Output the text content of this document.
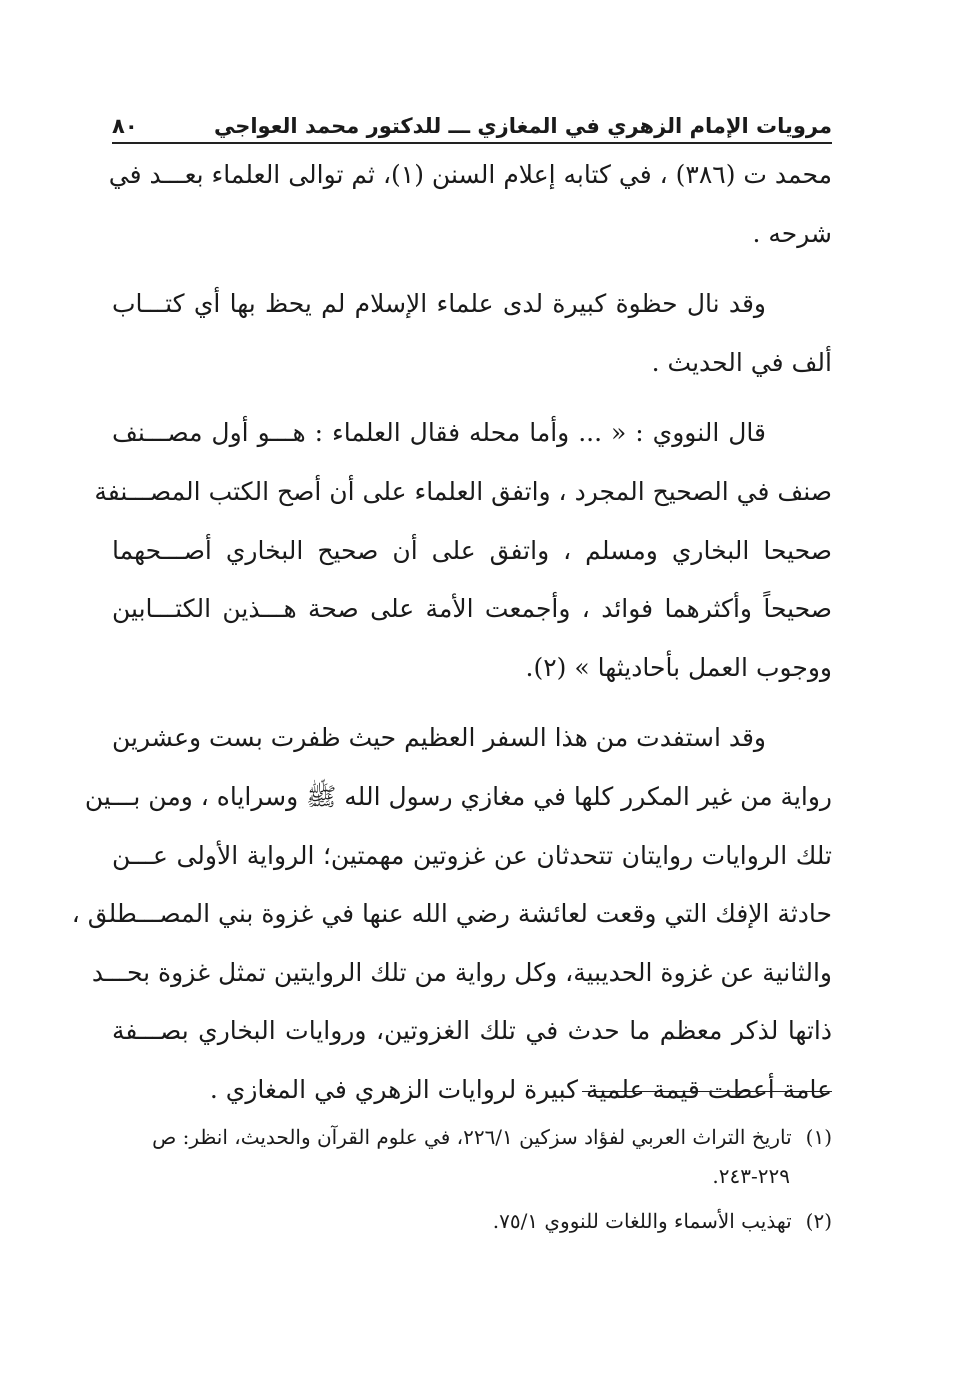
مرويات الإمام الزهري في المغازي ـــ للدكتور محمد العواجي
٨٠
محمد ت (٣٨٦) ، في كتابه إعلام السنن (١)، ثم توالى العلماء بعـــد في
شرحه .
وقد نال حظوة كبيرة لدى علماء الإسلام لم يحظ بها أي كتـــاب
ألف في الحديث .
قال النووي : « ... وأما محله فقال العلماء : هـــو أول مصـــنف
صنف في الصحيح المجرد ، واتفق العلماء على أن أصح الكتب المصـــنفة
صحيحا البخاري ومسلم ، واتفق على أن صحيح البخاري أصـــحهما
صحيحاً وأكثرهما فوائد ، وأجمعت الأمة على صحة هـــذين الكتـــابين
ووجوب العمل بأحاديثها » (٢).
وقد استفدت من هذا السفر العظيم حيث ظفرت بست وعشرين
رواية من غير المكرر كلها في مغازي رسول الله ﷺ وسراياه ، ومن بـــين
تلك الروايات روايتان تتحدثان عن غزوتين مهمتين؛ الرواية الأولى عـــن
حادثة الإفك التي وقعت لعائشة رضي الله عنها في غزوة بني المصـــطلق ،
والثانية عن غزوة الحديبية، وكل رواية من تلك الروايتين تمثل غزوة بحـــد
ذاتها لذكر معظم ما حدث في تلك الغزوتين، وروايات البخاري بصـــفة
عامة أعطت قيمة علمية كبيرة لروايات الزهري في المغازي .
(١) تاريخ التراث العربي لفؤاد سزكين ٢٢٦/١، في علوم القرآن والحديث، انظر: ص
٢٢٩-٢٤٣.
(٢) تهذيب الأسماء واللغات للنووي ٧٥/١.
